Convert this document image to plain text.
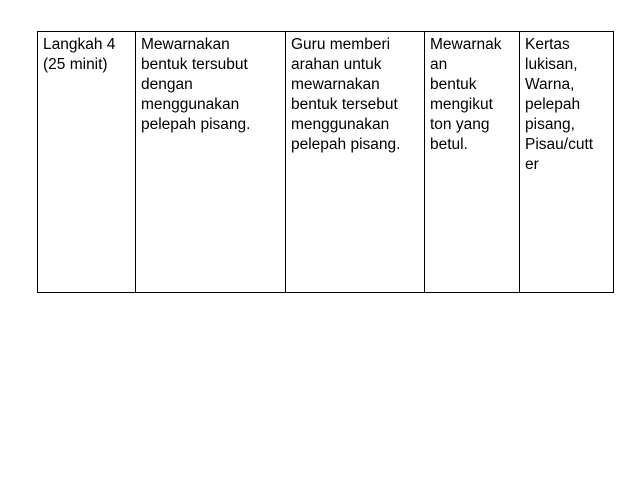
Langkah 4
(25 minit)

Mewarnakan
bentuk tersubut
dengan
menggunakan
pelepah pisang.

Guru memberi
arahan untuk
mewarnakan
bentuk tersebut
menggunakan
pelepah pisang.

Mewarnak
an
bentuk
mengikut
ton yang
betul.

Kertas
lukisan,
Warna,
pelepah
pisang,
Pisau/cutt
er
